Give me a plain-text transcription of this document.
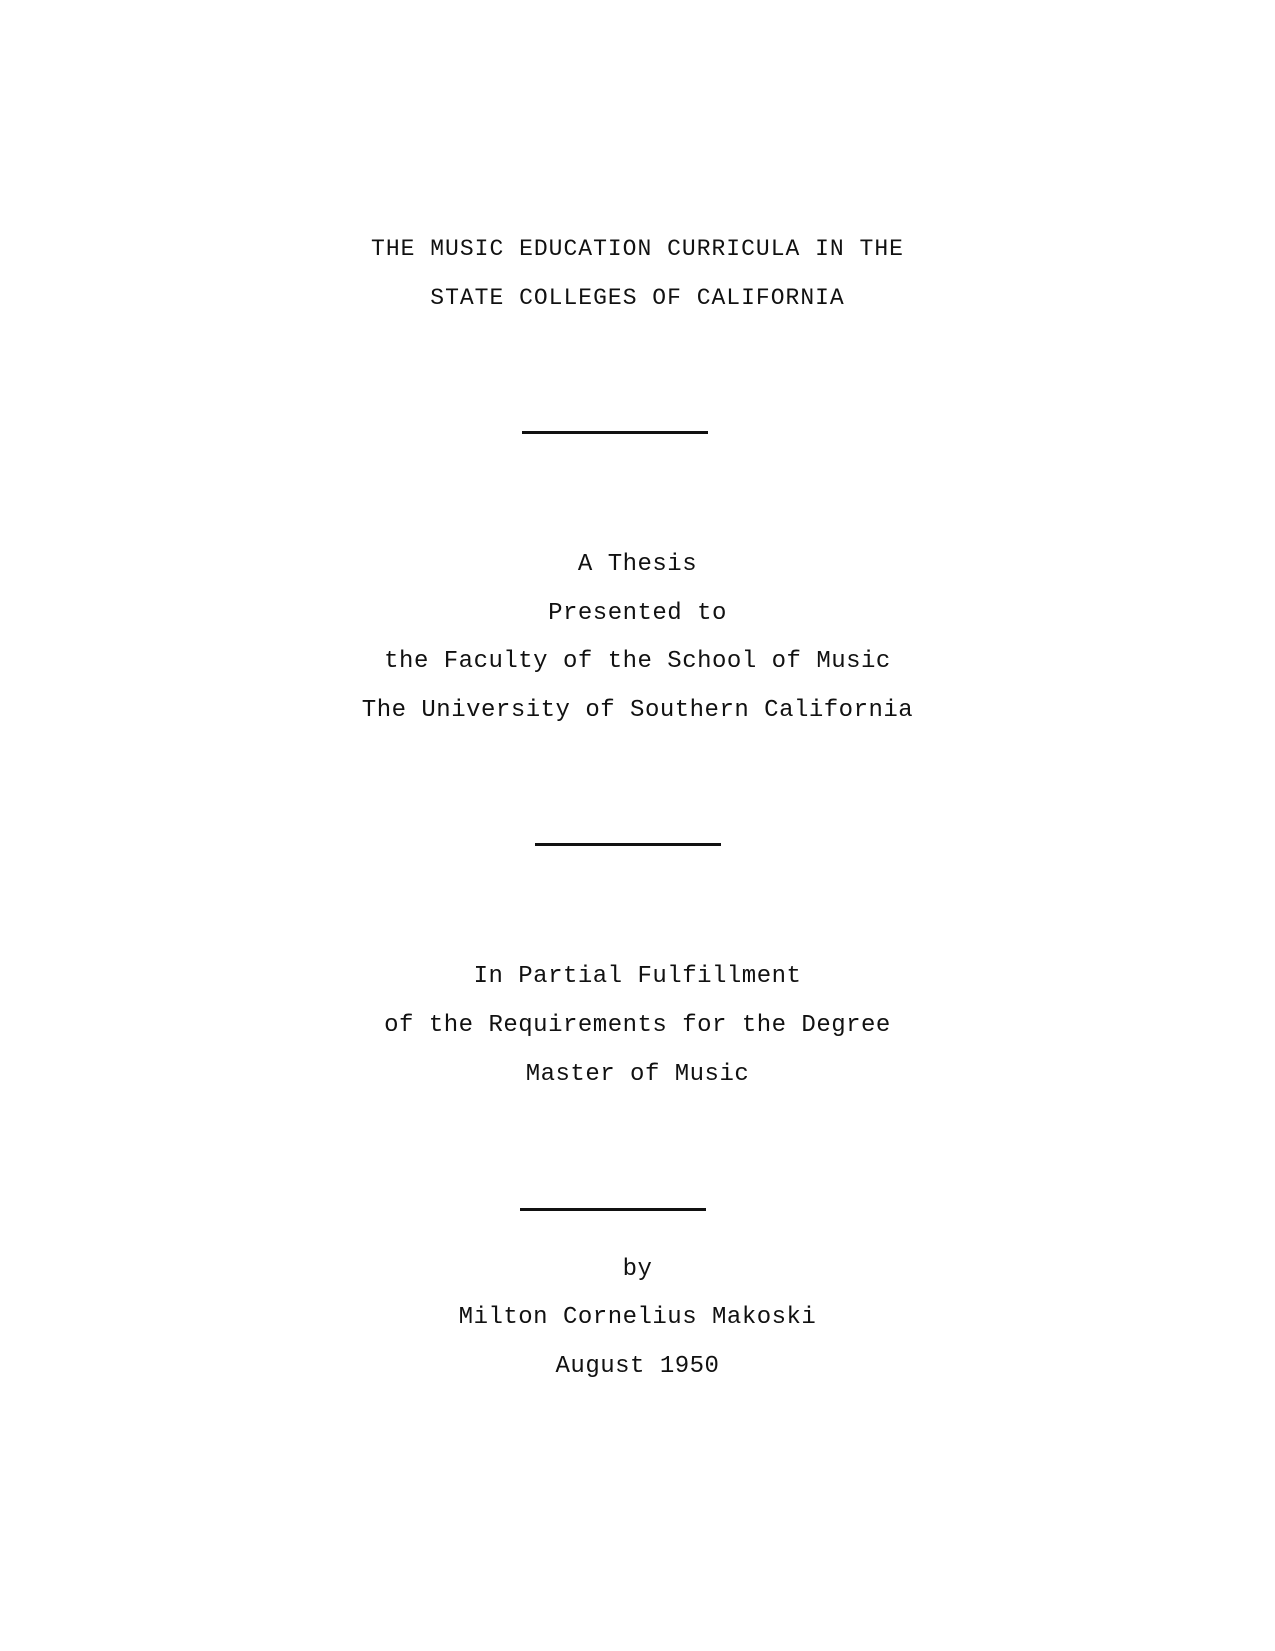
THE MUSIC EDUCATION CURRICULA IN THE
STATE COLLEGES OF CALIFORNIA
A Thesis
Presented to
the Faculty of the School of Music
The University of Southern California
In Partial Fulfillment
of the Requirements for the Degree
Master of Music
by
Milton Cornelius Makoski
August 1950
